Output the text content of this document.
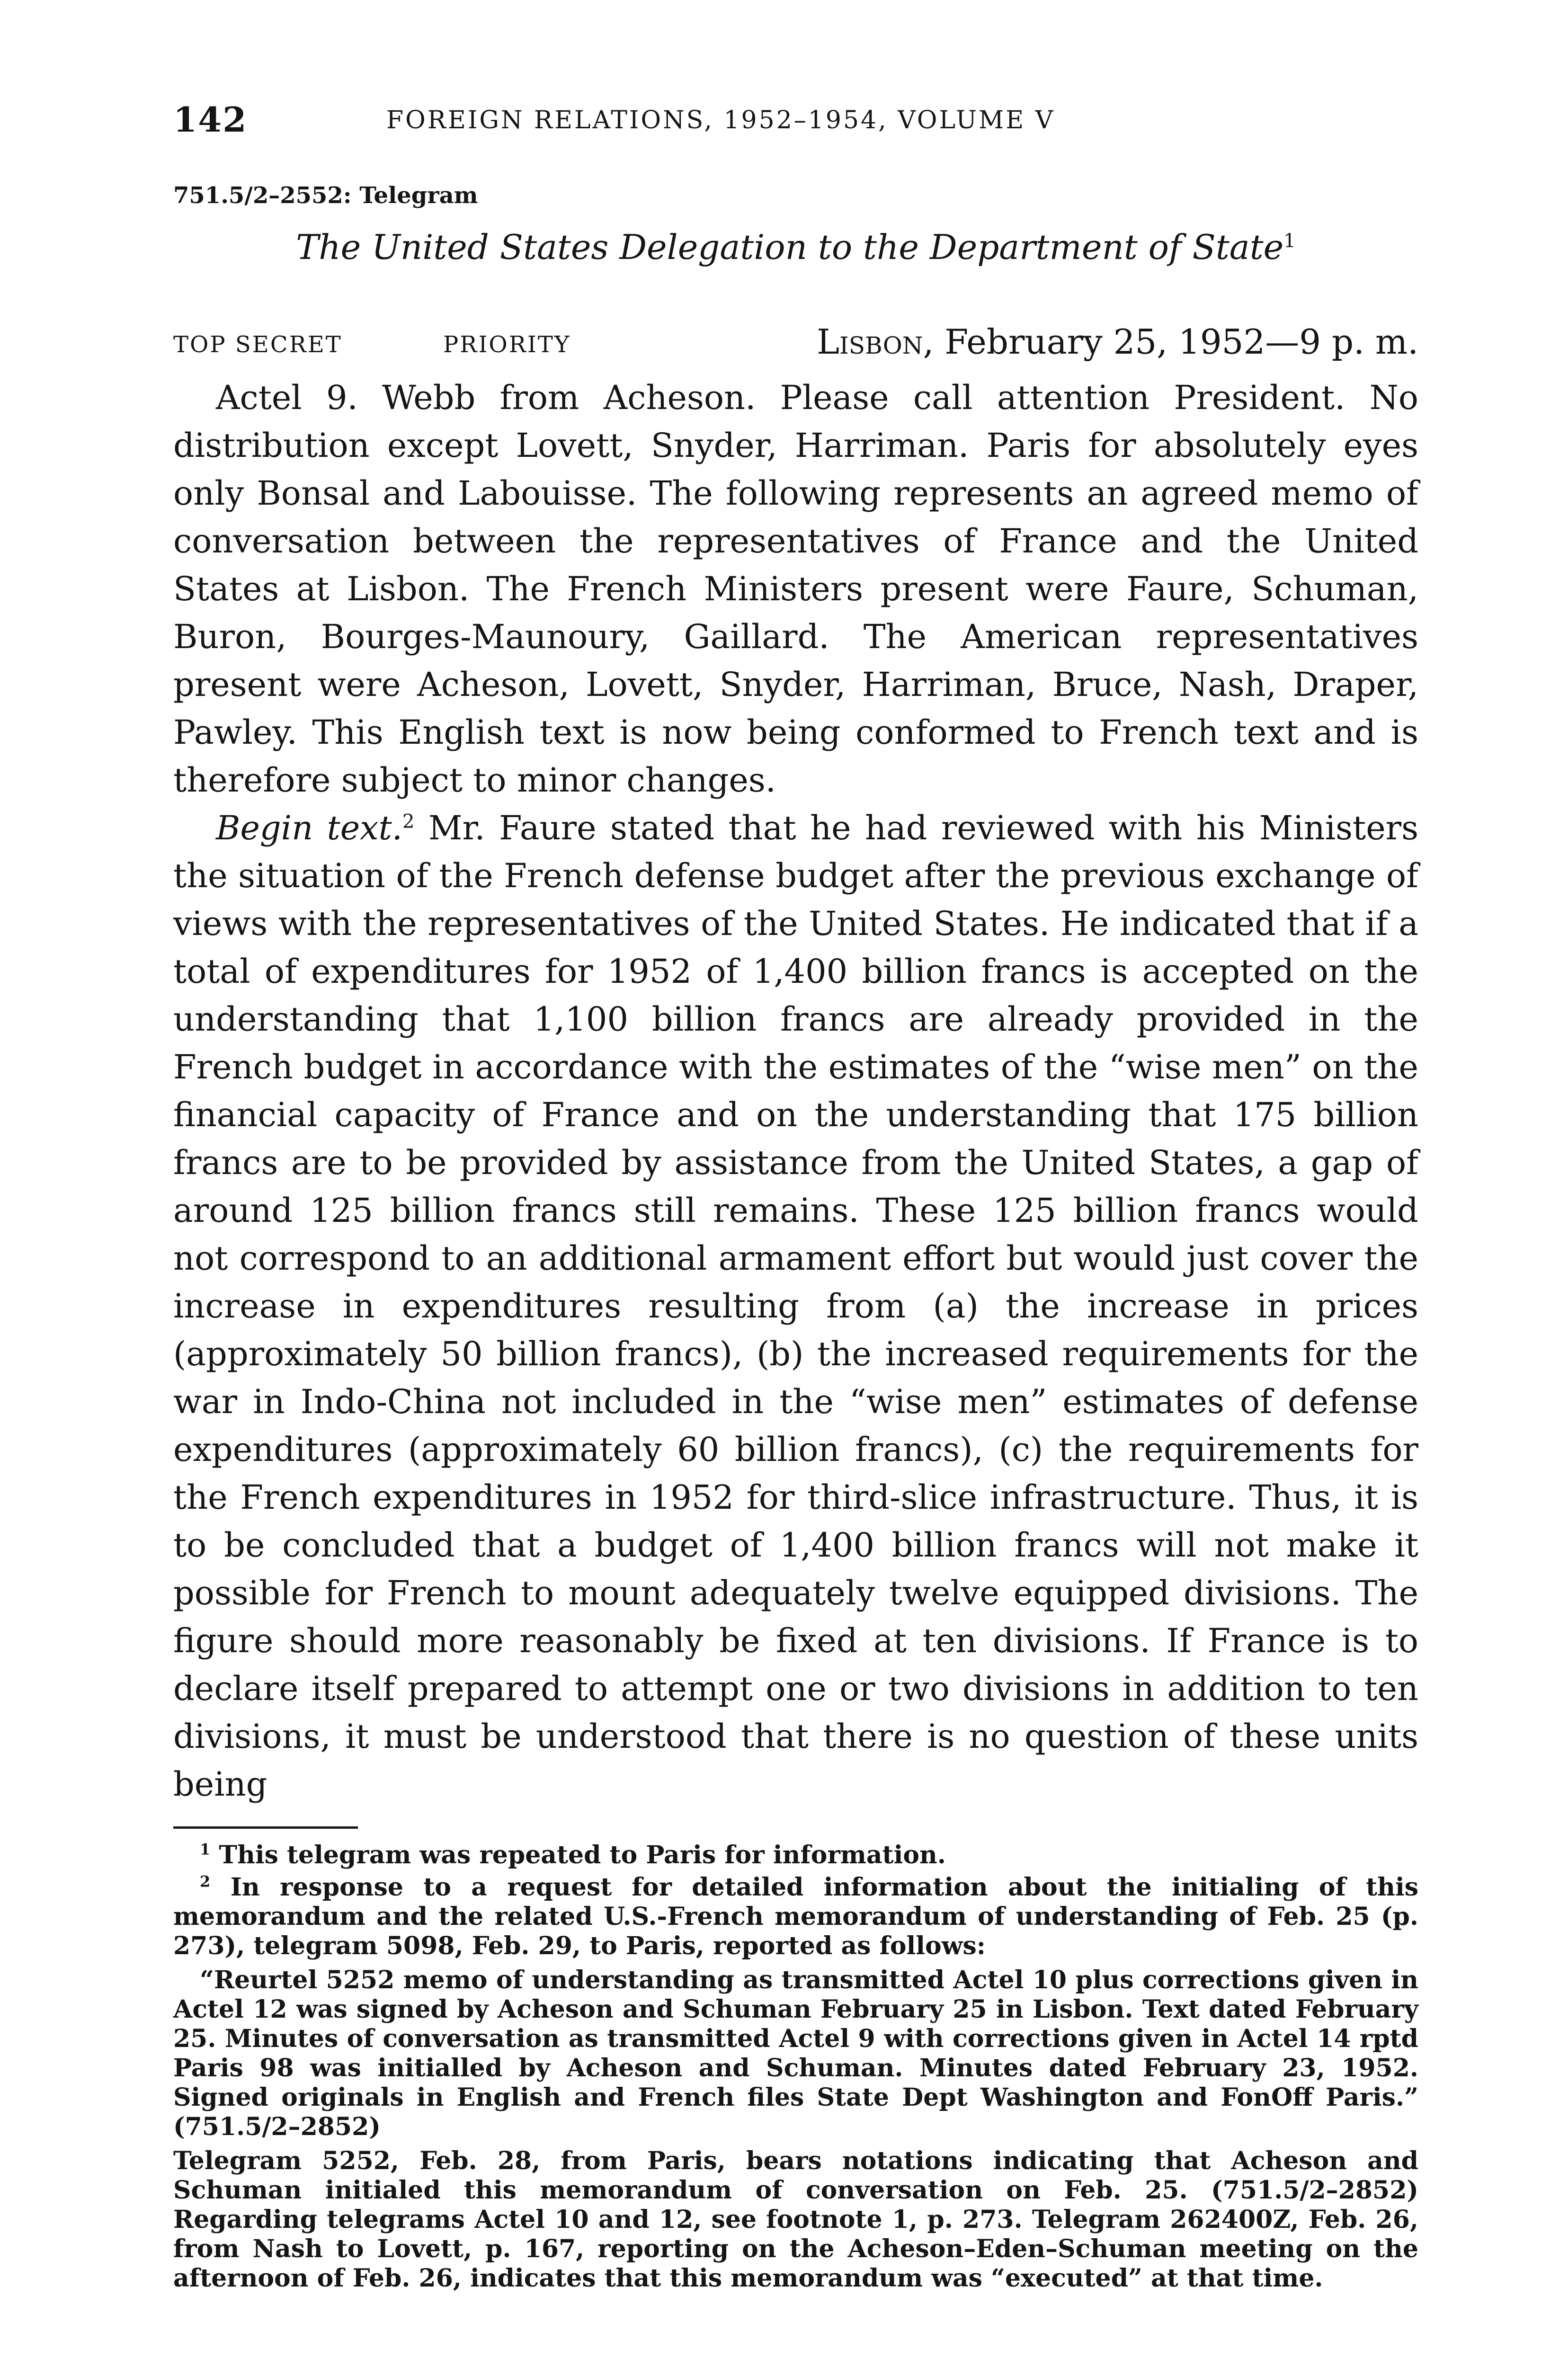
142	FOREIGN RELATIONS, 1952–1954, VOLUME V
751.5/2–2552: Telegram
The United States Delegation to the Department of State$^1$
TOP SECRET	PRIORITY	Lisbon, February 25, 1952—9 p. m.

Actel 9. Webb from Acheson. Please call attention President. No distribution except Lovett, Snyder, Harriman. Paris for absolutely eyes only Bonsal and Labouisse. The following represents an agreed memo of conversation between the representatives of France and the United States at Lisbon. The French Ministers present were Faure, Schuman, Buron, Bourges-Maunoury, Gaillard. The American representatives present were Acheson, Lovett, Snyder, Harriman, Bruce, Nash, Draper, Pawley. This English text is now being conformed to French text and is therefore subject to minor changes.

Begin text.$^2$ Mr. Faure stated that he had reviewed with his Ministers the situation of the French defense budget after the previous exchange of views with the representatives of the United States. He indicated that if a total of expenditures for 1952 of 1,400 billion francs is accepted on the understanding that 1,100 billion francs are already provided in the French budget in accordance with the estimates of the “wise men” on the financial capacity of France and on the understanding that 175 billion francs are to be provided by assistance from the United States, a gap of around 125 billion francs still remains. These 125 billion francs would not correspond to an additional armament effort but would just cover the increase in expenditures resulting from (a) the increase in prices (approximately 50 billion francs), (b) the increased requirements for the war in Indo-China not included in the “wise men” estimates of defense expenditures (approximately 60 billion francs), (c) the requirements for the French expenditures in 1952 for third-slice infrastructure. Thus, it is to be concluded that a budget of 1,400 billion francs will not make it possible for French to mount adequately twelve equipped divisions. The figure should more reasonably be fixed at ten divisions. If France is to declare itself prepared to attempt one or two divisions in addition to ten divisions, it must be understood that there is no question of these units being

$^1$ This telegram was repeated to Paris for information.

$^2$ In response to a request for detailed information about the initialing of this memorandum and the related U.S.-French memorandum of understanding of Feb. 25 (p. 273), telegram 5098, Feb. 29, to Paris, reported as follows:

“Reurtel 5252 memo of understanding as transmitted Actel 10 plus corrections given in Actel 12 was signed by Acheson and Schuman February 25 in Lisbon. Text dated February 25. Minutes of conversation as transmitted Actel 9 with corrections given in Actel 14 rptd Paris 98 was initialled by Acheson and Schuman. Minutes dated February 23, 1952. Signed originals in English and French files State Dept Washington and FonOff Paris.” (751.5/2–2852)

Telegram 5252, Feb. 28, from Paris, bears notations indicating that Acheson and Schuman initialed this memorandum of conversation on Feb. 25. (751.5/2–2852) Regarding telegrams Actel 10 and 12, see footnote 1, p. 273. Telegram 262400Z, Feb. 26, from Nash to Lovett, p. 167, reporting on the Acheson–Eden–Schuman meeting on the afternoon of Feb. 26, indicates that this memorandum was “executed” at that time.
